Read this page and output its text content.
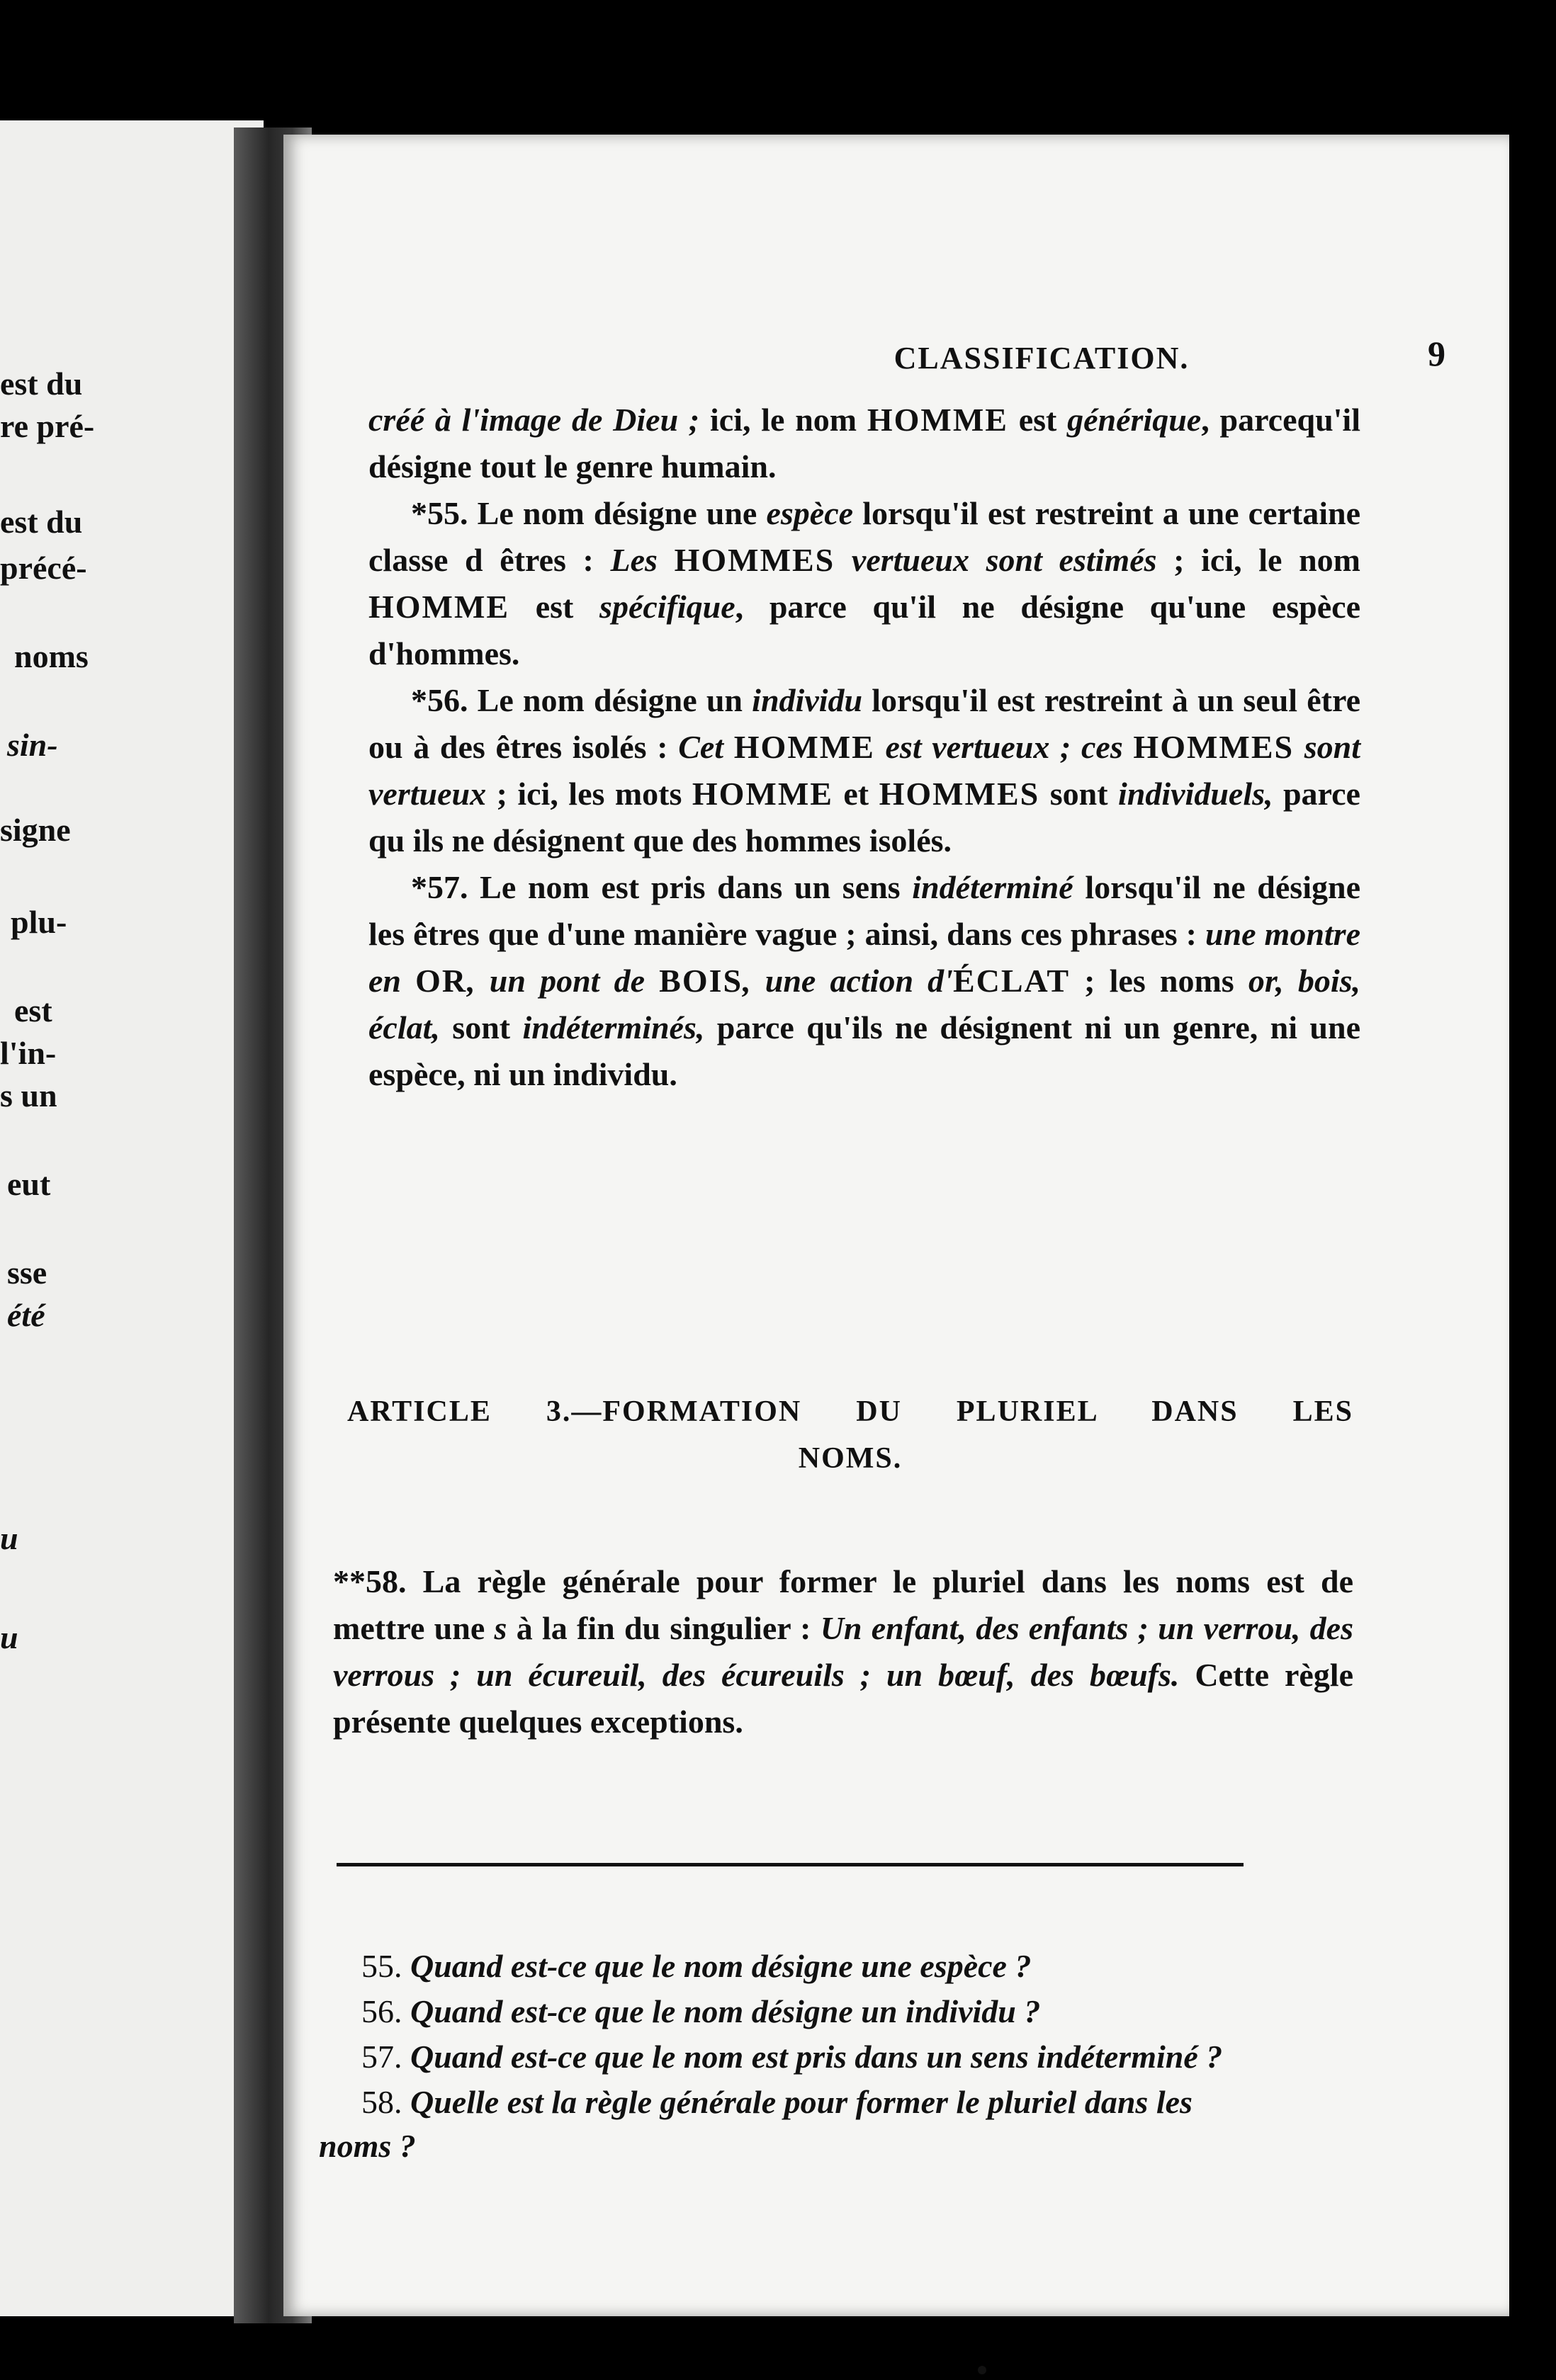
est du
re pré-
est du
précé-
noms
sin-
signe
plu-
est
l'in-
s un
eut
sse
été
u
u
CLASSIFICATION.	9

créé à l'image de Dieu ; ici, le nom HOMME est générique, parcequ'il désigne tout le genre humain.

*55. Le nom désigne une espèce lorsqu'il est restreint a une certaine classe d êtres : Les HOMMES vertueux sont estimés ; ici, le nom HOMME est spécifique, parce qu'il ne désigne qu'une espèce d'hommes.

*56. Le nom désigne un individu lorsqu'il est restreint à un seul être ou à des êtres isolés : Cet HOMME est vertueux ; ces HOMMES sont vertueux ; ici, les mots HOMME et HOMMES sont individuels, parce qu ils ne désignent que des hommes isolés.

*57. Le nom est pris dans un sens indéterminé lorsqu'il ne désigne les êtres que d'une manière vague ; ainsi, dans ces phrases : une montre en OR, un pont de BOIS, une action d'ÉCLAT ; les noms or, bois, éclat, sont indéterminés, parce qu'ils ne désignent ni un genre, ni une espèce, ni un individu.

ARTICLE 3.—FORMATION DU PLURIEL DANS LES
NOMS.

**58. La règle générale pour former le pluriel dans les noms est de mettre une s à la fin du singulier : Un enfant, des enfants ; un verrou, des verrous ; un écureuil, des écureuils ; un bœuf, des bœufs. Cette règle présente quelques exceptions.

55. Quand est-ce que le nom désigne une espèce ?

56. Quand est-ce que le nom désigne un individu ?

57. Quand est-ce que le nom est pris dans un sens indéterminé ?

58. Quelle est la règle générale pour former le pluriel dans les noms ?
